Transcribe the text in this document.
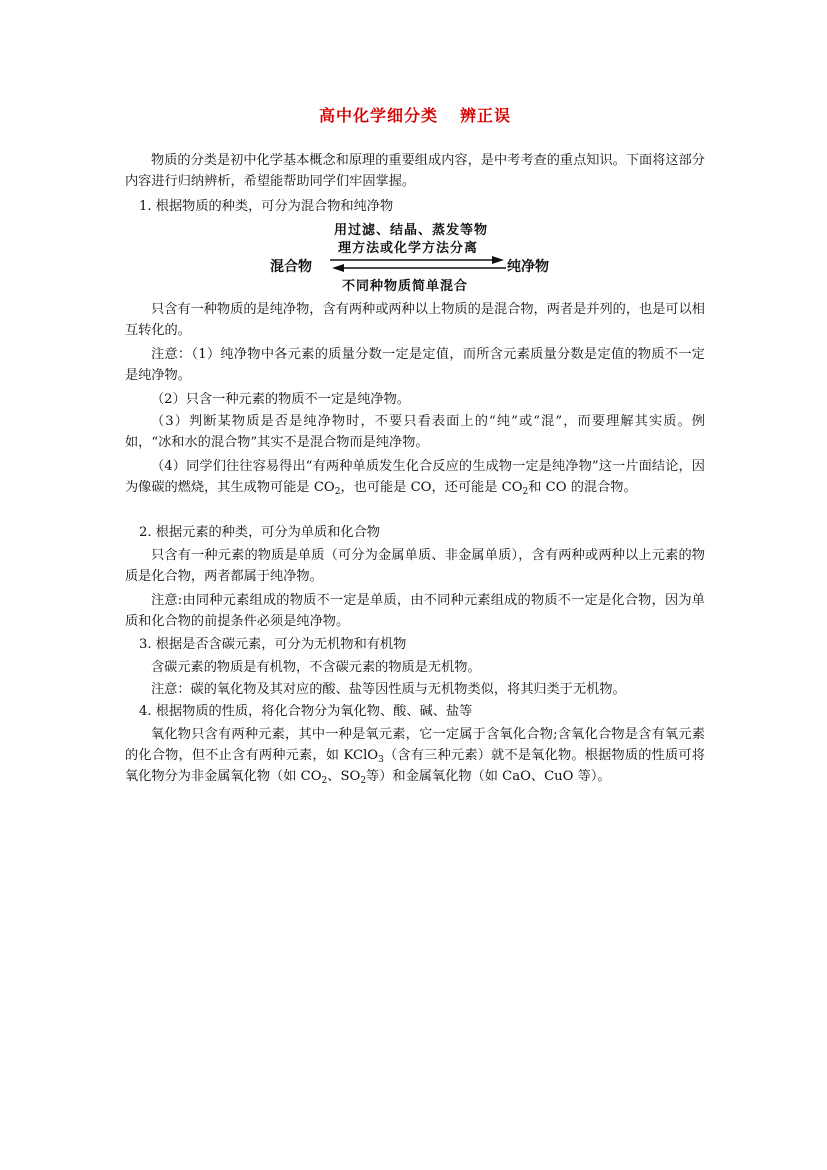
高中化学细分类 辨正误

物质的分类是初中化学基本概念和原理的重要组成内容，是中考考查的重点知识。下面将这部分内容进行归纳辨析，希望能帮助同学们牢固掌握。

1. 根据物质的种类，可分为混合物和纯净物

用过滤、结晶、蒸发等物
理方法或化学方法分离
混合物	纯净物
不同种物质简单混合

只含有一种物质的是纯净物，含有两种或两种以上物质的是混合物，两者是并列的，也是可以相互转化的。

注意：（1）纯净物中各元素的质量分数一定是定值，而所含元素质量分数是定值的物质不一定是纯净物。

（2）只含一种元素的物质不一定是纯净物。

（3）判断某物质是否是纯净物时，不要只看表面上的“纯”或“混”，而要理解其实质。例如，“冰和水的混合物”其实不是混合物而是纯净物。

（4）同学们往往容易得出“有两种单质发生化合反应的生成物一定是纯净物”这一片面结论，因为像碳的燃烧，其生成物可能是 $CO_2$，也可能是 CO，还可能是 $CO_2$和 CO 的混合物。

2. 根据元素的种类，可分为单质和化合物

只含有一种元素的物质是单质（可分为金属单质、非金属单质），含有两种或两种以上元素的物质是化合物，两者都属于纯净物。

注意:由同种元素组成的物质不一定是单质，由不同种元素组成的物质不一定是化合物，因为单质和化合物的前提条件必须是纯净物。

3. 根据是否含碳元素，可分为无机物和有机物

含碳元素的物质是有机物，不含碳元素的物质是无机物。

注意：碳的氧化物及其对应的酸、盐等因性质与无机物类似，将其归类于无机物。

4. 根据物质的性质，将化合物分为氧化物、酸、碱、盐等

氧化物只含有两种元素，其中一种是氧元素，它一定属于含氧化合物;含氧化合物是含有氧元素的化合物，但不止含有两种元素，如 KClO$_3$（含有三种元素）就不是氧化物。根据物质的性质可将氧化物分为非金属氧化物（如 $CO_2$、$SO_2$等）和金属氧化物（如 CaO、CuO 等）。
